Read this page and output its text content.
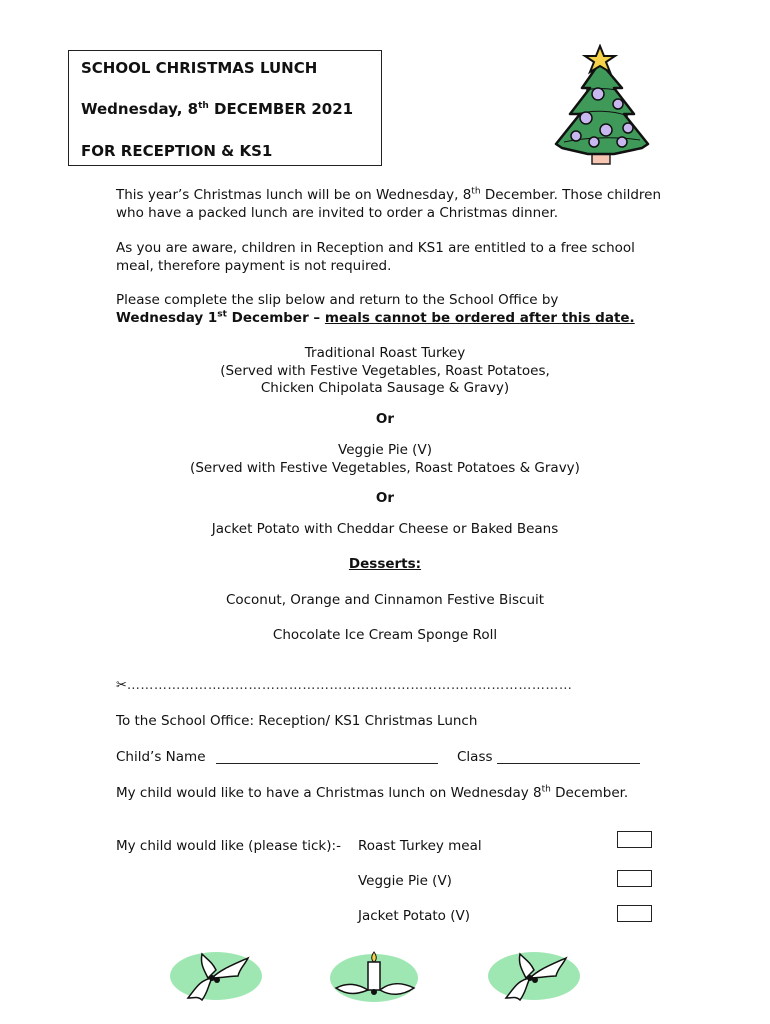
SCHOOL CHRISTMAS LUNCH
Wednesday, 8th DECEMBER 2021
FOR RECEPTION & KS1
This year’s Christmas lunch will be on Wednesday, 8th December. Those children who have a packed lunch are invited to order a Christmas dinner.
As you are aware, children in Reception and KS1 are entitled to a free school meal, therefore payment is not required.
Please complete the slip below and return to the School Office by
Wednesday 1st December – meals cannot be ordered after this date.
Traditional Roast Turkey
(Served with Festive Vegetables, Roast Potatoes,
Chicken Chipolata Sausage & Gravy)
Or
Veggie Pie (V)
(Served with Festive Vegetables, Roast Potatoes & Gravy)
Or
Jacket Potato with Cheddar Cheese or Baked Beans
Desserts:
Coconut, Orange and Cinnamon Festive Biscuit
Chocolate Ice Cream Sponge Roll
✂………………………………………………………………………………………
To the School Office: Reception/ KS1 Christmas Lunch
Child’s Name	Class
My child would like to have a Christmas lunch on Wednesday 8th December.
My child would like (please tick):- Roast Turkey meal
Veggie Pie (V)
Jacket Potato (V)
